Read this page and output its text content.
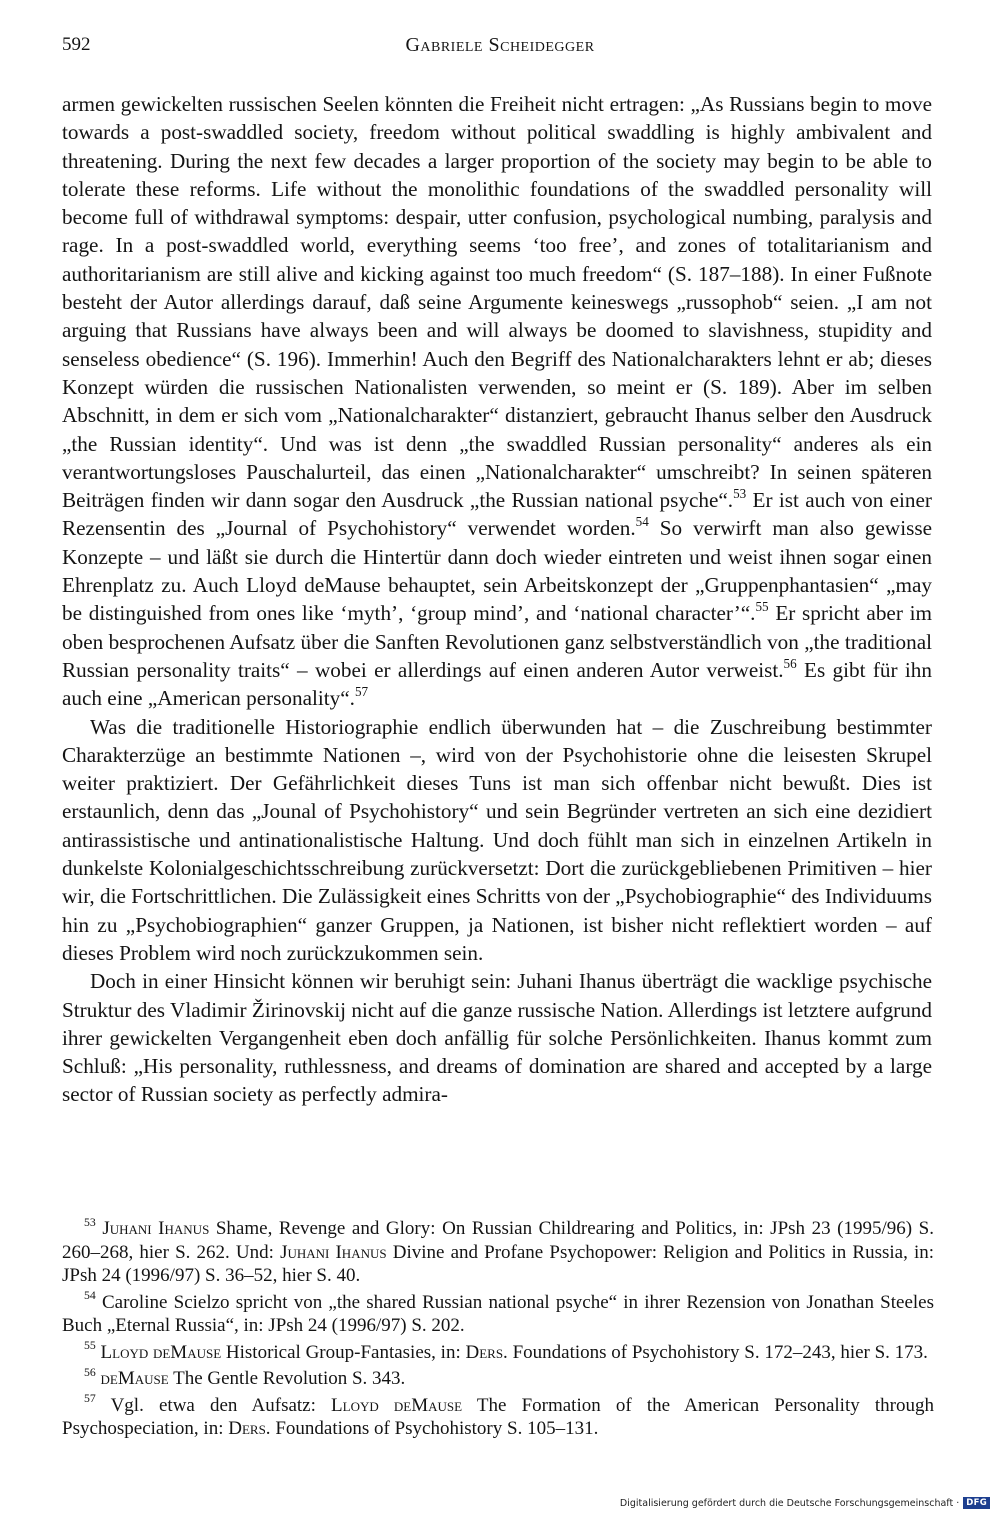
592	Gabriele Scheidegger

armen gewickelten russischen Seelen könnten die Freiheit nicht ertragen: „As Russians begin to move towards a post-swaddled society, freedom without political swaddling is highly ambivalent and threatening. During the next few decades a larger proportion of the society may begin to be able to tolerate these reforms. Life without the monolithic foundations of the swaddled personality will become full of withdrawal symptoms: despair, utter confusion, psychological numbing, paralysis and rage. In a post-swaddled world, everything seems ‘too free’, and zones of totalitarianism and authoritarianism are still alive and kicking against too much freedom“ (S. 187–188). In einer Fußnote besteht der Autor allerdings darauf, daß seine Argumente keineswegs „russophob“ seien. „I am not arguing that Russians have always been and will always be doomed to slavishness, stupidity and senseless obedience“ (S. 196). Immerhin! Auch den Begriff des Nationalcharakters lehnt er ab; dieses Konzept würden die russischen Nationalisten verwenden, so meint er (S. 189). Aber im selben Abschnitt, in dem er sich vom „Nationalcharakter“ distanziert, gebraucht Ihanus selber den Ausdruck „the Russian identity“. Und was ist denn „the swaddled Russian personality“ anderes als ein verantwortungsloses Pauschalurteil, das einen „Nationalcharakter“ umschreibt? In seinen späteren Beiträgen finden wir dann sogar den Ausdruck „the Russian national psyche“.$^{53}$ Er ist auch von einer Rezensentin des „Journal of Psychohistory“ verwendet worden.$^{54}$ So verwirft man also gewisse Konzepte – und läßt sie durch die Hintertür dann doch wieder eintreten und weist ihnen sogar einen Ehrenplatz zu. Auch Lloyd deMause behauptet, sein Arbeitskonzept der „Gruppenphantasien“ „may be distinguished from ones like ‘myth’, ‘group mind’, and ‘national character’“.$^{55}$ Er spricht aber im oben besprochenen Aufsatz über die Sanften Revolutionen ganz selbstverständlich von „the traditional Russian personality traits“ – wobei er allerdings auf einen anderen Autor verweist.$^{56}$ Es gibt für ihn auch eine „American personality“.$^{57}$

Was die traditionelle Historiographie endlich überwunden hat – die Zuschreibung bestimmter Charakterzüge an bestimmte Nationen –, wird von der Psychohistorie ohne die leisesten Skrupel weiter praktiziert. Der Gefährlichkeit dieses Tuns ist man sich offenbar nicht bewußt. Dies ist erstaunlich, denn das „Jounal of Psychohistory“ und sein Begründer vertreten an sich eine dezidiert antirassistische und antinationalistische Haltung. Und doch fühlt man sich in einzelnen Artikeln in dunkelste Kolonialgeschichtsschreibung zurückversetzt: Dort die zurückgebliebenen Primitiven – hier wir, die Fortschrittlichen. Die Zulässigkeit eines Schritts von der „Psychobiographie“ des Individuums hin zu „Psychobiographien“ ganzer Gruppen, ja Nationen, ist bisher nicht reflektiert worden – auf dieses Problem wird noch zurückzukommen sein.

Doch in einer Hinsicht können wir beruhigt sein: Juhani Ihanus überträgt die wacklige psychische Struktur des Vladimir Žirinovskij nicht auf die ganze russische Nation. Allerdings ist letztere aufgrund ihrer gewickelten Vergangenheit eben doch anfällig für solche Persönlichkeiten. Ihanus kommt zum Schluß: „His personality, ruthlessness, and dreams of domination are shared and accepted by a large sector of Russian society as perfectly admira-

$^{53}$ Juhani Ihanus Shame, Revenge and Glory: On Russian Childrearing and Politics, in: JPsh 23 (1995/96) S. 260–268, hier S. 262. Und: Juhani Ihanus Divine and Profane Psychopower: Religion and Politics in Russia, in: JPsh 24 (1996/97) S. 36–52, hier S. 40.

$^{54}$ Caroline Scielzo spricht von „the shared Russian national psyche“ in ihrer Rezension von Jonathan Steeles Buch „Eternal Russia“, in: JPsh 24 (1996/97) S. 202.

$^{55}$ Lloyd deMause Historical Group-Fantasies, in: Ders. Foundations of Psychohistory S. 172–243, hier S. 173.

$^{56}$ deMause The Gentle Revolution S. 343.

$^{57}$ Vgl. etwa den Aufsatz: Lloyd deMause The Formation of the American Personality through Psychospeciation, in: Ders. Foundations of Psychohistory S. 105–131.

Digitalisierung gefördert durch die Deutsche Forschungsgemeinschaft · DFG
